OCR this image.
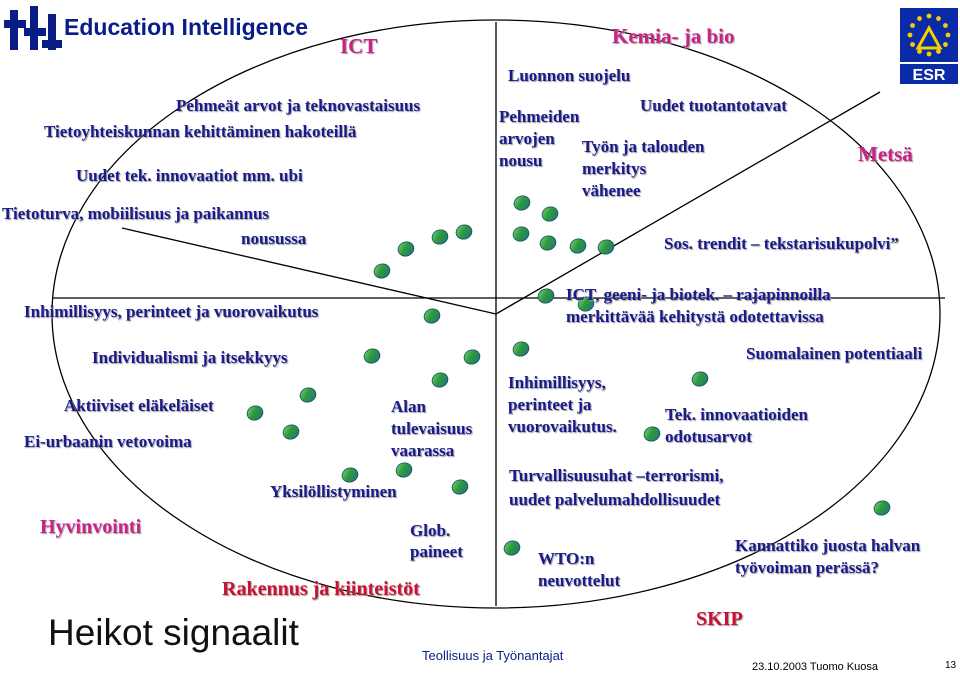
Education Intelligence
ESR
ICT	Kemia- ja bio
Metsä
Hyvinvointi
Rakennus ja kiinteistöt
SKIP
Pehmeät arvot ja teknovastaisuus
Tietoyhteiskunnan kehittäminen hakoteillä
Uudet tek. innovaatiot mm. ubi
Tietoturva, mobiilisuus ja paikannus
nousussa
Luonnon suojelu
Pehmeiden
arvojen
nousu
Uudet tuotantotavat
Työn ja talouden
merkitys
vähenee
Sos. trendit – tekstarisukupolvi”
Inhimillisyys, perinteet ja vuorovaikutus
ICT, geeni- ja biotek. – rajapinnoilla
merkittävää kehitystä odotettavissa
Individualismi ja itsekkyys
Aktiiviset eläkeläiset
Ei-urbaanin vetovoima
Alan
tulevaisuus
vaarassa
Yksilöllistyminen
Glob.
paineet
Suomalainen potentiaali
Inhimillisyys,
perinteet ja
vuorovaikutus.
Tek. innovaatioiden
odotusarvot
Turvallisuusuhat –terrorismi,
uudet palvelumahdollisuudet
WTO:n
neuvottelut
Kannattiko juosta halvan
työvoiman perässä?
Heikot signaalit
Teollisuus ja Työnantajat
23.10.2003 Tuomo Kuosa	13
